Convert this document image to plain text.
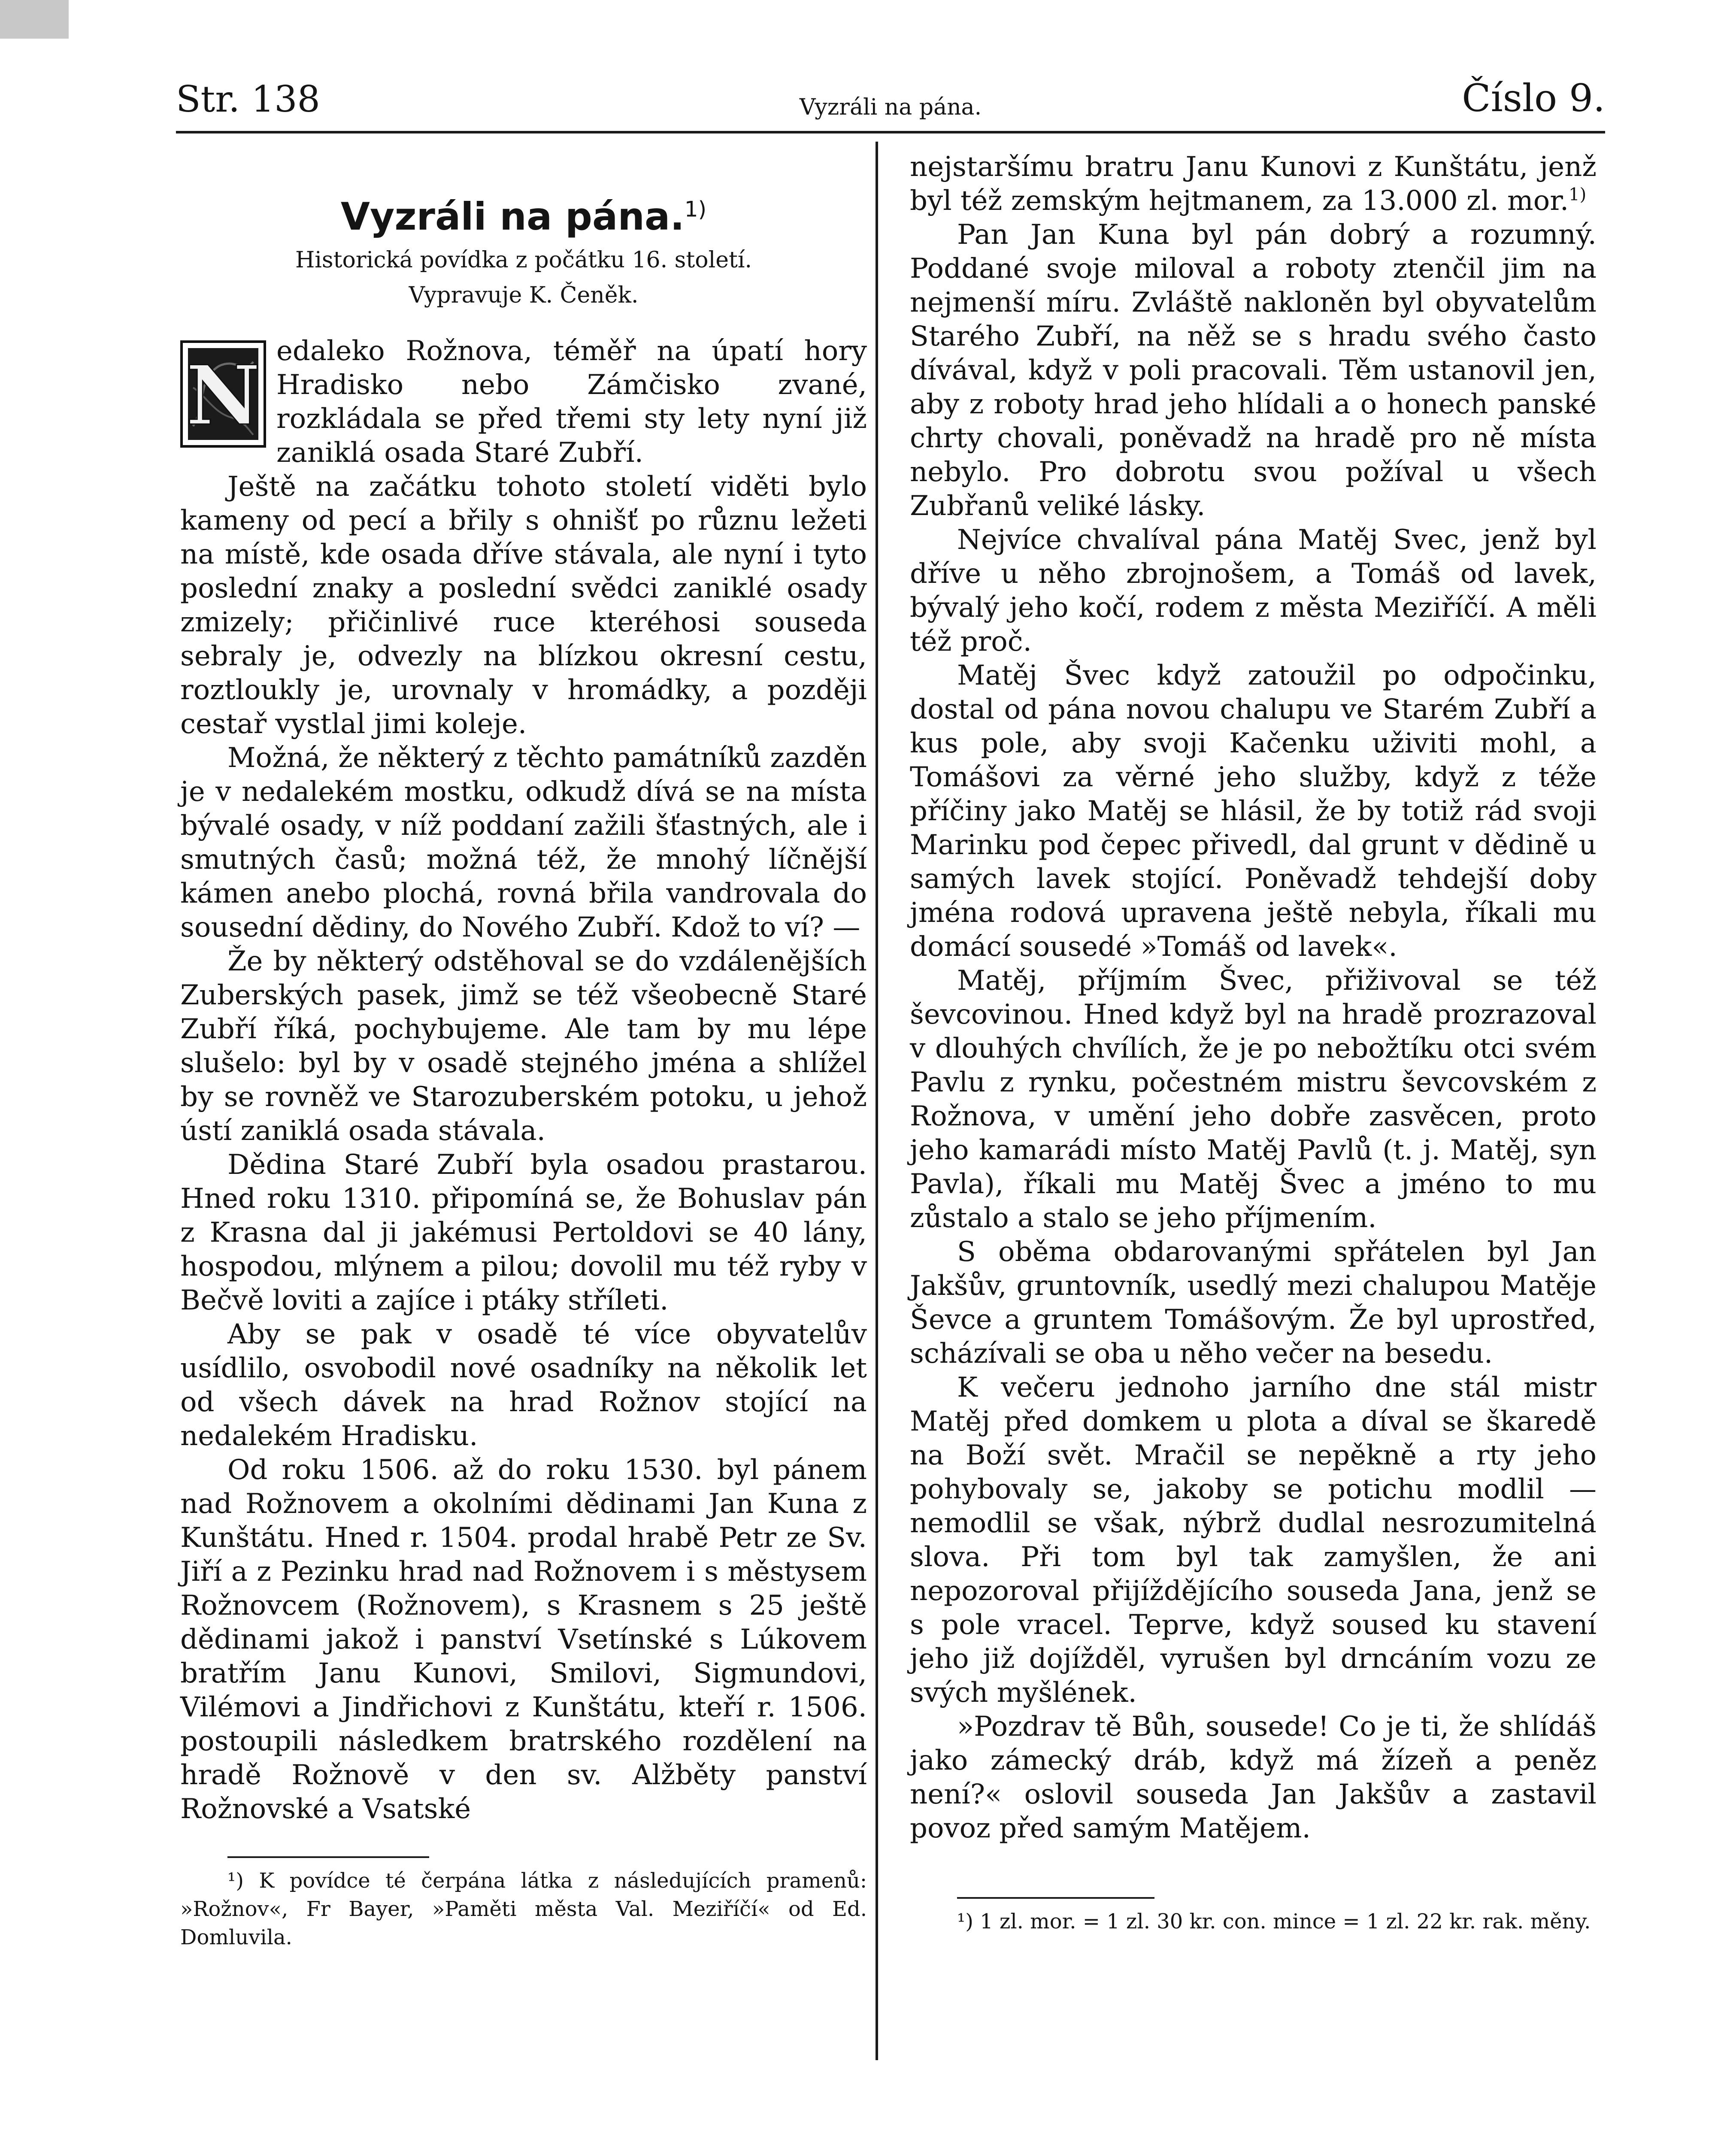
Str. 138	Vyzráli na pána.	Číslo 9.
Vyzráli na pána.$^{1)}$
Historická povídka z počátku 16. století.
Vypravuje K. Čeněk.
N edaleko Rožnova, téměř na úpatí hory Hradisko nebo Zámčisko zvané, rozkládala se před třemi sty lety nyní již zaniklá osada Staré Zubří.

Ještě na začátku tohoto století viděti bylo kameny od pecí a břily s ohnišť po různu ležeti na místě, kde osada dříve stávala, ale nyní i tyto poslední znaky a poslední svědci zaniklé osady zmizely; přičinlivé ruce kteréhosi souseda sebraly je, odvezly na blízkou okresní cestu, roztloukly je, urovnaly v hromádky, a později cestař vystlal jimi koleje.

Možná, že některý z těchto památníků zazděn je v nedalekém mostku, odkudž dívá se na místa bývalé osady, v níž poddaní zažili šťastných, ale i smutných časů; možná též, že mnohý líčnější kámen anebo plochá, rovná břila vandrovala do sousední dědiny, do Nového Zubří. Kdož to ví? —

Že by některý odstěhoval se do vzdálenějších Zuberských pasek, jimž se též všeobecně Staré Zubří říká, pochybujeme. Ale tam by mu lépe slušelo: byl by v osadě stejného jména a shlížel by se rovněž ve Starozuberském potoku, u jehož ústí zaniklá osada stávala.

Dědina Staré Zubří byla osadou prastarou. Hned roku 1310. připomíná se, že Bohuslav pán z Krasna dal ji jakémusi Pertoldovi se 40 lány, hospodou, mlýnem a pilou; dovolil mu též ryby v Bečvě loviti a zajíce i ptáky stříleti.

Aby se pak v osadě té více obyvatelův usídlilo, osvobodil nové osadníky na několik let od všech dávek na hrad Rožnov stojící na nedalekém Hradisku.

Od roku 1506. až do roku 1530. byl pánem nad Rožnovem a okolními dědinami Jan Kuna z Kunštátu. Hned r. 1504. prodal hrabě Petr ze Sv. Jiří a z Pezinku hrad nad Rožnovem i s městysem Rožnovcem (Rožnovem), s Krasnem s 25 ještě dědinami jakož i panství Vsetínské s Lúkovem bratřím Janu Kunovi, Smilovi, Sigmundovi, Vilémovi a Jindřichovi z Kunštátu, kteří r. 1506. postoupili následkem bratrského rozdělení na hradě Rožnově v den sv. Alžběty panství Rožnovské a Vsatské

¹) K povídce té čerpána látka z následujících pramenů: »Rožnov«, Fr Bayer, »Paměti města Val. Meziříčí« od Ed. Domluvila.

nejstaršímu bratru Janu Kunovi z Kunštátu, jenž byl též zemským hejtmanem, za 13.000 zl. mor.$^{1)}$

Pan Jan Kuna byl pán dobrý a rozumný. Poddané svoje miloval a roboty ztenčil jim na nejmenší míru. Zvláště nakloněn byl obyvatelům Starého Zubří, na něž se s hradu svého často dívával, když v poli pracovali. Těm ustanovil jen, aby z roboty hrad jeho hlídali a o honech panské chrty chovali, poněvadž na hradě pro ně místa nebylo. Pro dobrotu svou požíval u všech Zubřanů veliké lásky.

Nejvíce chvalíval pána Matěj Svec, jenž byl dříve u něho zbrojnošem, a Tomáš od lavek, bývalý jeho kočí, rodem z města Meziříčí. A měli též proč.

Matěj Švec když zatoužil po odpočinku, dostal od pána novou chalupu ve Starém Zubří a kus pole, aby svoji Kačenku uživiti mohl, a Tomášovi za věrné jeho služby, když z téže příčiny jako Matěj se hlásil, že by totiž rád svoji Marinku pod čepec přivedl, dal grunt v dědině u samých lavek stojící. Poněvadž tehdejší doby jména rodová upravena ještě nebyla, říkali mu domácí sousedé »Tomáš od lavek«.

Matěj, příjmím Švec, přiživoval se též ševcovinou. Hned když byl na hradě prozrazoval v dlouhých chvílích, že je po nebožtíku otci svém Pavlu z rynku, počestném mistru ševcovském z Rožnova, v umění jeho dobře zasvěcen, proto jeho kamarádi místo Matěj Pavlů (t. j. Matěj, syn Pavla), říkali mu Matěj Švec a jméno to mu zůstalo a stalo se jeho příjmením.

S oběma obdarovanými spřátelen byl Jan Jakšův, gruntovník, usedlý mezi chalupou Matěje Ševce a gruntem Tomášovým. Že byl uprostřed, scházívali se oba u něho večer na besedu.

K večeru jednoho jarního dne stál mistr Matěj před domkem u plota a díval se škaredě na Boží svět. Mračil se nepěkně a rty jeho pohybovaly se, jakoby se potichu modlil — nemodlil se však, nýbrž dudlal nesrozumitelná slova. Při tom byl tak zamyšlen, že ani nepozoroval přijíždějícího souseda Jana, jenž se s pole vracel. Teprve, když soused ku stavení jeho již dojížděl, vyrušen byl drncáním vozu ze svých myšlének.

»Pozdrav tě Bůh, sousede! Co je ti, že shlídáš jako zámecký dráb, když má žízeň a peněz není?« oslovil souseda Jan Jakšův a zastavil povoz před samým Matějem.

¹) 1 zl. mor. = 1 zl. 30 kr. con. mince = 1 zl. 22 kr. rak. měny.
